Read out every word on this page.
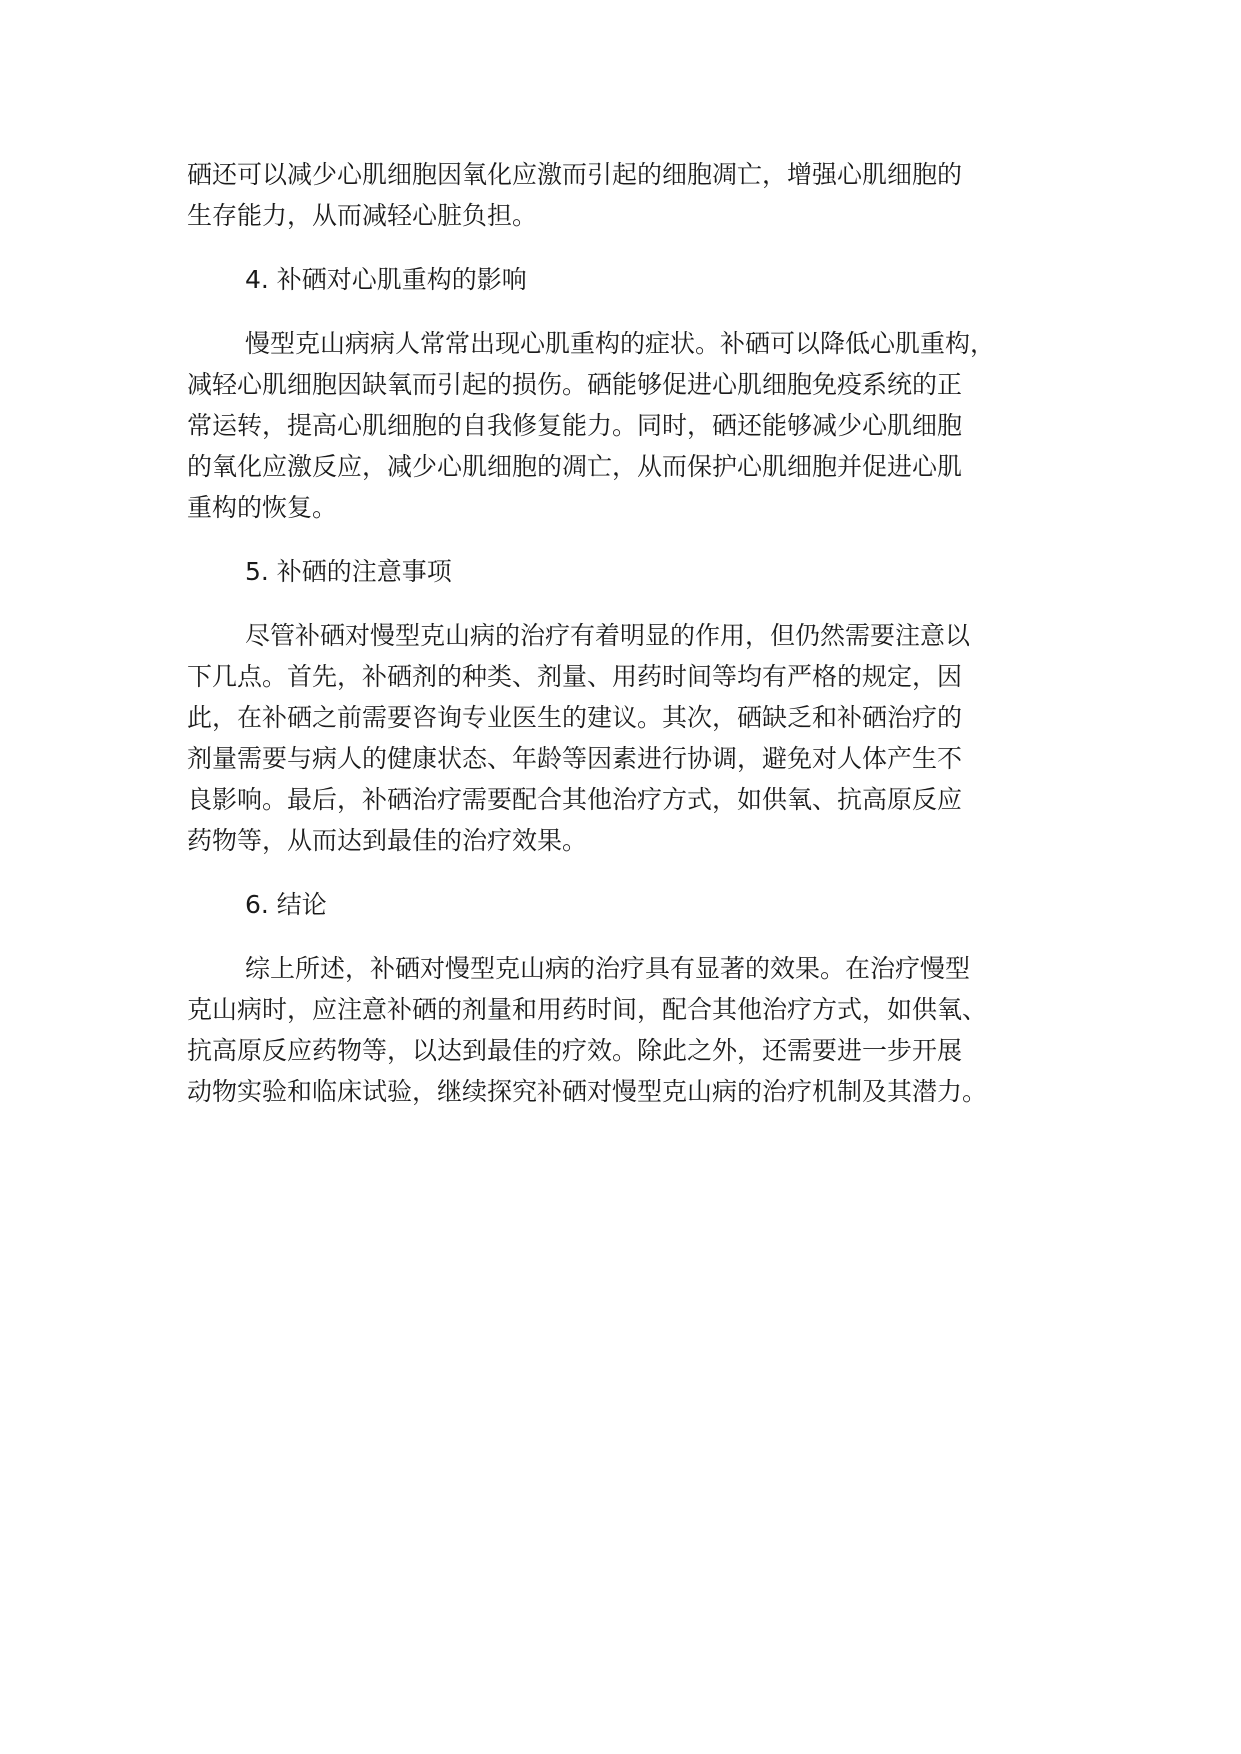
硒还可以减少心肌细胞因氧化应激而引起的细胞凋亡，增强心肌细胞的
生存能力，从而减轻心脏负担。

4. 补硒对心肌重构的影响

慢型克山病病人常常出现心肌重构的症状。补硒可以降低心肌重构，
减轻心肌细胞因缺氧而引起的损伤。硒能够促进心肌细胞免疫系统的正
常运转，提高心肌细胞的自我修复能力。同时，硒还能够减少心肌细胞
的氧化应激反应，减少心肌细胞的凋亡，从而保护心肌细胞并促进心肌
重构的恢复。

5. 补硒的注意事项

尽管补硒对慢型克山病的治疗有着明显的作用，但仍然需要注意以
下几点。首先，补硒剂的种类、剂量、用药时间等均有严格的规定，因
此，在补硒之前需要咨询专业医生的建议。其次，硒缺乏和补硒治疗的
剂量需要与病人的健康状态、年龄等因素进行协调，避免对人体产生不
良影响。最后，补硒治疗需要配合其他治疗方式，如供氧、抗高原反应
药物等，从而达到最佳的治疗效果。

6. 结论

综上所述，补硒对慢型克山病的治疗具有显著的效果。在治疗慢型
克山病时，应注意补硒的剂量和用药时间，配合其他治疗方式，如供氧、
抗高原反应药物等，以达到最佳的疗效。除此之外，还需要进一步开展
动物实验和临床试验，继续探究补硒对慢型克山病的治疗机制及其潜力。
